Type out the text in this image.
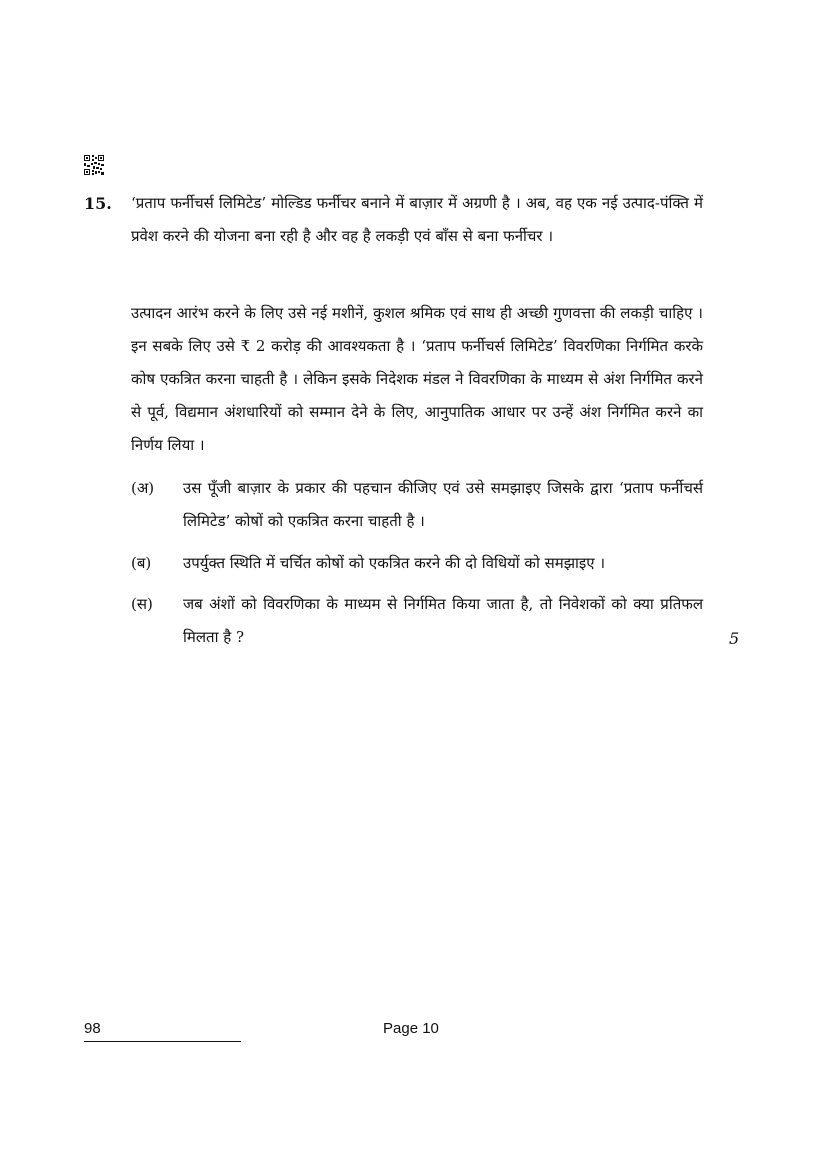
15. ‘प्रताप फर्नीचर्स लिमिटेड’ मोल्डिड फर्नीचर बनाने में बाज़ार में अग्रणी है । अब, वह एक नई उत्पाद-पंक्ति में प्रवेश करने की योजना बना रही है और वह है लकड़ी एवं बाँस से बना फर्नीचर ।
उत्पादन आरंभ करने के लिए उसे नई मशीनें, कुशल श्रमिक एवं साथ ही अच्छी गुणवत्ता की लकड़ी चाहिए । इन सबके लिए उसे ₹ 2 करोड़ की आवश्यकता है । ‘प्रताप फर्नीचर्स लिमिटेड’ विवरणिका निर्गमित करके कोष एकत्रित करना चाहती है । लेकिन इसके निदेशक मंडल ने विवरणिका के माध्यम से अंश निर्गमित करने से पूर्व, विद्यमान अंशधारियों को सम्मान देने के लिए, आनुपातिक आधार पर उन्हें अंश निर्गमित करने का निर्णय लिया ।
(अ)	उस पूँजी बाज़ार के प्रकार की पहचान कीजिए एवं उसे समझाइए जिसके द्वारा ‘प्रताप फर्नीचर्स लिमिटेड’ कोषों को एकत्रित करना चाहती है ।
(ब)	उपर्युक्त स्थिति में चर्चित कोषों को एकत्रित करने की दो विधियों को समझाइए ।
(स)	जब अंशों को विवरणिका के माध्यम से निर्गमित किया जाता है, तो निवेशकों को क्या प्रतिफल मिलता है ?	5
98	Page 10
